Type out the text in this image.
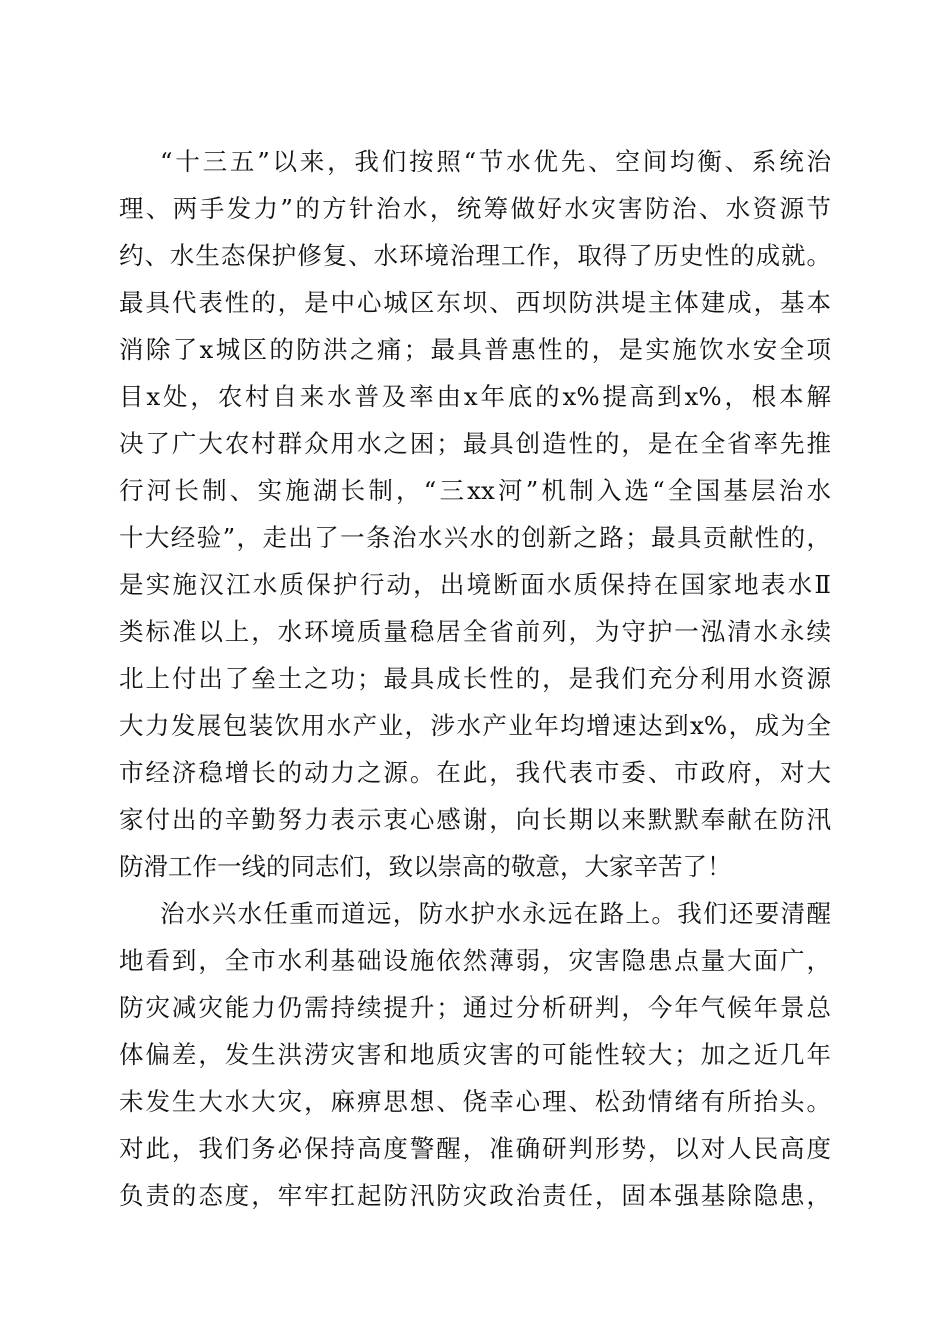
“十三五”以来，我们按照“节水优先、空间均衡、系统治
理、两手发力”的方针治水，统筹做好水灾害防治、水资源节
约、水生态保护修复、水环境治理工作，取得了历史性的成就。
最具代表性的，是中心城区东坝、西坝防洪堤主体建成，基本
消除了x城区的防洪之痛；最具普惠性的，是实施饮水安全项
目x处，农村自来水普及率由x年底的x%提高到x%，根本解
决了广大农村群众用水之困；最具创造性的，是在全省率先推
行河长制、实施湖长制，“三xx河”机制入选“全国基层治水
十大经验”，走出了一条治水兴水的创新之路；最具贡献性的，
是实施汉江水质保护行动，出境断面水质保持在国家地表水Ⅱ
类标准以上，水环境质量稳居全省前列，为守护一泓清水永续
北上付出了垒土之功；最具成长性的，是我们充分利用水资源
大力发展包装饮用水产业，涉水产业年均增速达到x%，成为全
市经济稳增长的动力之源。在此，我代表市委、市政府，对大
家付出的辛勤努力表示衷心感谢，向长期以来默默奉献在防汛
防滑工作一线的同志们，致以崇高的敬意，大家辛苦了！
治水兴水任重而道远，防水护水永远在路上。我们还要清醒
地看到，全市水利基础设施依然薄弱，灾害隐患点量大面广，
防灾减灾能力仍需持续提升；通过分析研判，今年气候年景总
体偏差，发生洪涝灾害和地质灾害的可能性较大；加之近几年
未发生大水大灾，麻痹思想、侥幸心理、松劲情绪有所抬头。
对此，我们务必保持高度警醒，准确研判形势，以对人民高度
负责的态度，牢牢扛起防汛防灾政治责任，固本强基除隐患，
